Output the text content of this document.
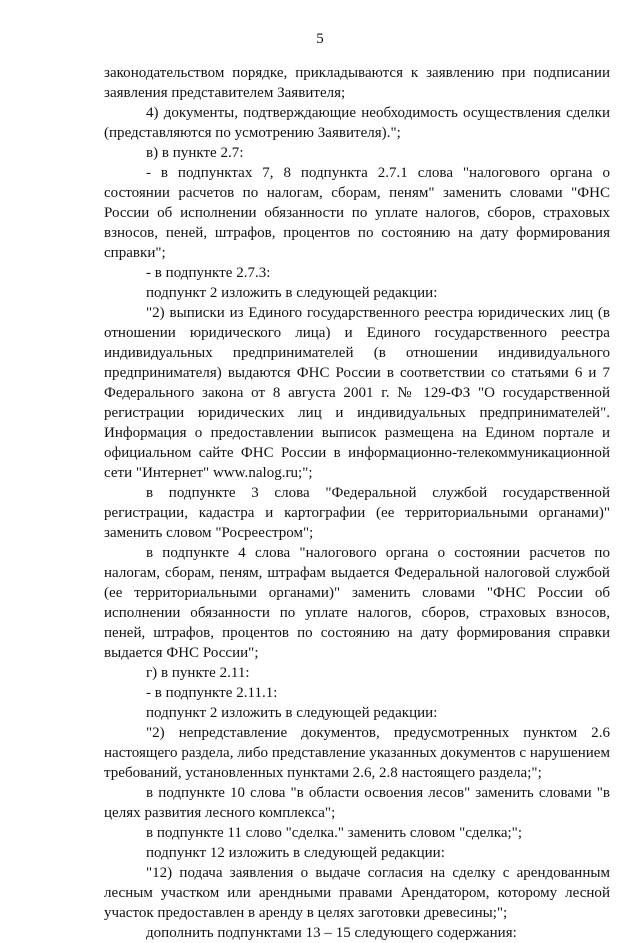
5

законодательством порядке, прикладываются к заявлению при подписании заявления представителем Заявителя;

4) документы, подтверждающие необходимость осуществления сделки (представляются по усмотрению Заявителя).";

в) в пункте 2.7:

- в подпунктах 7, 8 подпункта 2.7.1 слова "налогового органа о состоянии расчетов по налогам, сборам, пеням" заменить словами "ФНС России об исполнении обязанности по уплате налогов, сборов, страховых взносов, пеней, штрафов, процентов по состоянию на дату формирования справки";

- в подпункте 2.7.3:

подпункт 2 изложить в следующей редакции:

"2) выписки из Единого государственного реестра юридических лиц (в отношении юридического лица) и Единого государственного реестра индивидуальных предпринимателей (в отношении индивидуального предпринимателя) выдаются ФНС России в соответствии со статьями 6 и 7 Федерального закона от 8 августа 2001 г. № 129-ФЗ "О государственной регистрации юридических лиц и индивидуальных предпринимателей". Информация о предоставлении выписок размещена на Едином портале и официальном сайте ФНС России в информационно-телекоммуникационной сети "Интернет" www.nalog.ru;";

в подпункте 3 слова "Федеральной службой государственной регистрации, кадастра и картографии (ее территориальными органами)" заменить словом "Росреестром";

в подпункте 4 слова "налогового органа о состоянии расчетов по налогам, сборам, пеням, штрафам выдается Федеральной налоговой службой (ее территориальными органами)" заменить словами "ФНС России об исполнении обязанности по уплате налогов, сборов, страховых взносов, пеней, штрафов, процентов по состоянию на дату формирования справки выдается ФНС России";

г) в пункте 2.11:

- в подпункте 2.11.1:

подпункт 2 изложить в следующей редакции:

"2) непредставление документов, предусмотренных пунктом 2.6 настоящего раздела, либо представление указанных документов с нарушением требований, установленных пунктами 2.6, 2.8 настоящего раздела;";

в подпункте 10 слова "в области освоения лесов" заменить словами "в целях развития лесного комплекса";

в подпункте 11 слово "сделка." заменить словом "сделка;";

подпункт 12 изложить в следующей редакции:

"12) подача заявления о выдаче согласия на сделку с арендованным лесным участком или арендными правами Арендатором, которому лесной участок предоставлен в аренду в целях заготовки древесины;";

дополнить подпунктами 13 – 15 следующего содержания:
